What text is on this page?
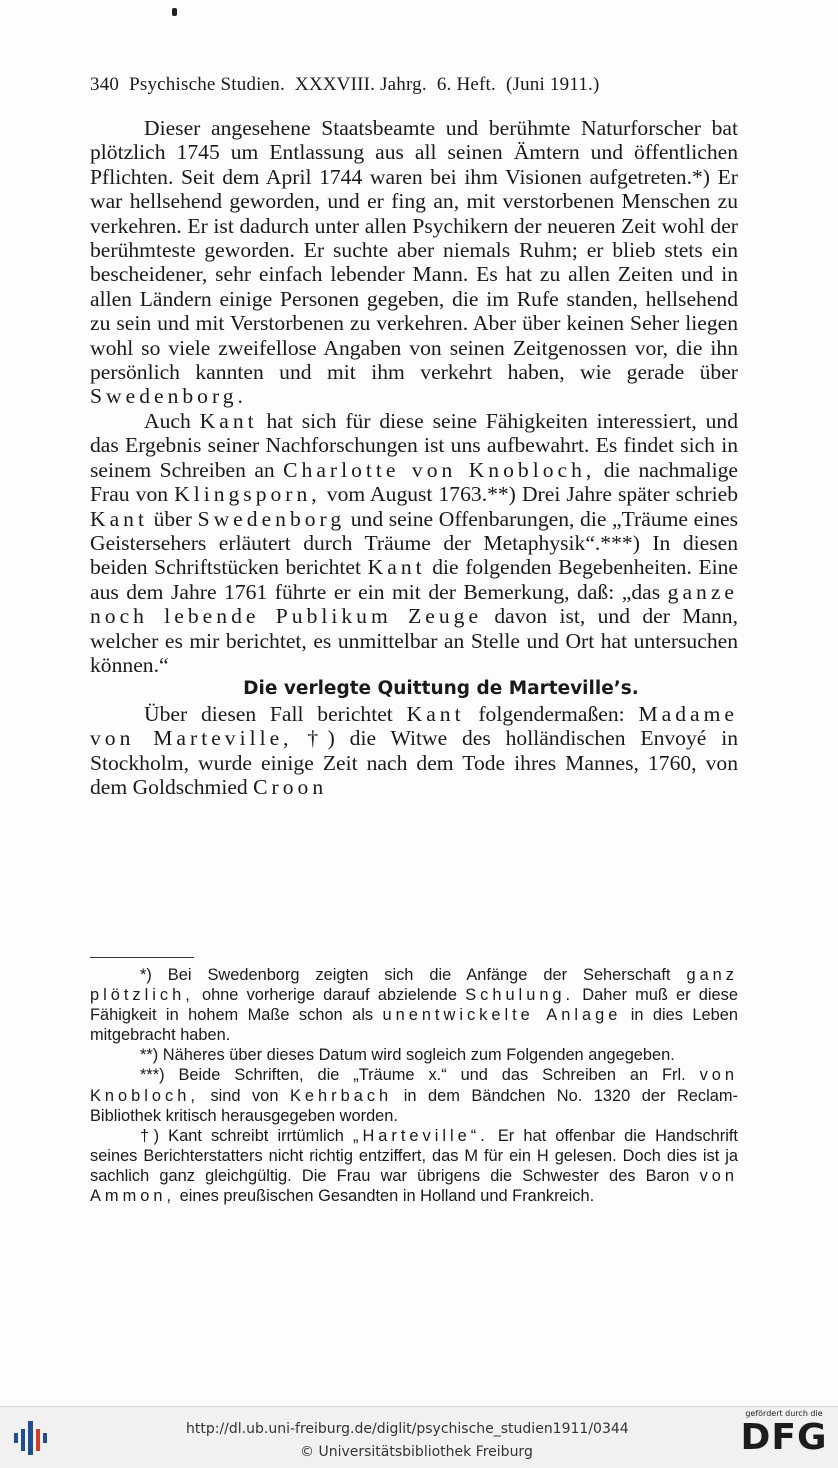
340 Psychische Studien. XXXVIII. Jahrg. 6. Heft. (Juni 1911.)

Dieser angesehene Staatsbeamte und berühmte Naturforscher bat plötzlich 1745 um Entlassung aus all seinen Ämtern und öffentlichen Pflichten. Seit dem April 1744 waren bei ihm Visionen aufgetreten.*) Er war hellsehend geworden, und er fing an, mit verstorbenen Menschen zu verkehren. Er ist dadurch unter allen Psychikern der neueren Zeit wohl der berühmteste geworden. Er suchte aber niemals Ruhm; er blieb stets ein bescheidener, sehr einfach lebender Mann. Es hat zu allen Zeiten und in allen Ländern einige Personen gegeben, die im Rufe standen, hellsehend zu sein und mit Verstorbenen zu verkehren. Aber über keinen Seher liegen wohl so viele zweifellose Angaben von seinen Zeitgenossen vor, die ihn persönlich kannten und mit ihm verkehrt haben, wie gerade über Swedenborg.

Auch Kant hat sich für diese seine Fähigkeiten interessiert, und das Ergebnis seiner Nachforschungen ist uns aufbewahrt. Es findet sich in seinem Schreiben an Charlotte von Knobloch, die nachmalige Frau von Klingsporn, vom August 1763.**) Drei Jahre später schrieb Kant über Swedenborg und seine Offenbarungen, die „Träume eines Geistersehers erläutert durch Träume der Metaphysik“.***) In diesen beiden Schriftstücken berichtet Kant die folgenden Begebenheiten. Eine aus dem Jahre 1761 führte er ein mit der Bemerkung, daß: „das ganze noch lebende Publikum Zeuge davon ist, und der Mann, welcher es mir berichtet, es unmittelbar an Stelle und Ort hat untersuchen können.“

Die verlegte Quittung de Marteville’s.

Über diesen Fall berichtet Kant folgendermaßen: Madame von Marteville, †) die Witwe des holländischen Envoyé in Stockholm, wurde einige Zeit nach dem Tode ihres Mannes, 1760, von dem Goldschmied Croon

*) Bei Swedenborg zeigten sich die Anfänge der Seherschaft ganz plötzlich, ohne vorherige darauf abzielende Schulung. Daher muß er diese Fähigkeit in hohem Maße schon als unentwickelte Anlage in dies Leben mitgebracht haben.

**) Näheres über dieses Datum wird sogleich zum Folgenden angegeben.

***) Beide Schriften, die „Träume x.“ und das Schreiben an Frl. von Knobloch, sind von Kehrbach in dem Bändchen No. 1320 der Reclam-Bibliothek kritisch herausgegeben worden.

†) Kant schreibt irrtümlich „Harteville“. Er hat offenbar die Handschrift seines Berichterstatters nicht richtig entziffert, das M für ein H gelesen. Doch dies ist ja sachlich ganz gleichgültig. Die Frau war übrigens die Schwester des Baron von Ammon, eines preußischen Gesandten in Holland und Frankreich.

http://dl.ub.uni-freiburg.de/diglit/psychische_studien1911/0344
© Universitätsbibliothek Freiburg
gefördert durch die
DFG
